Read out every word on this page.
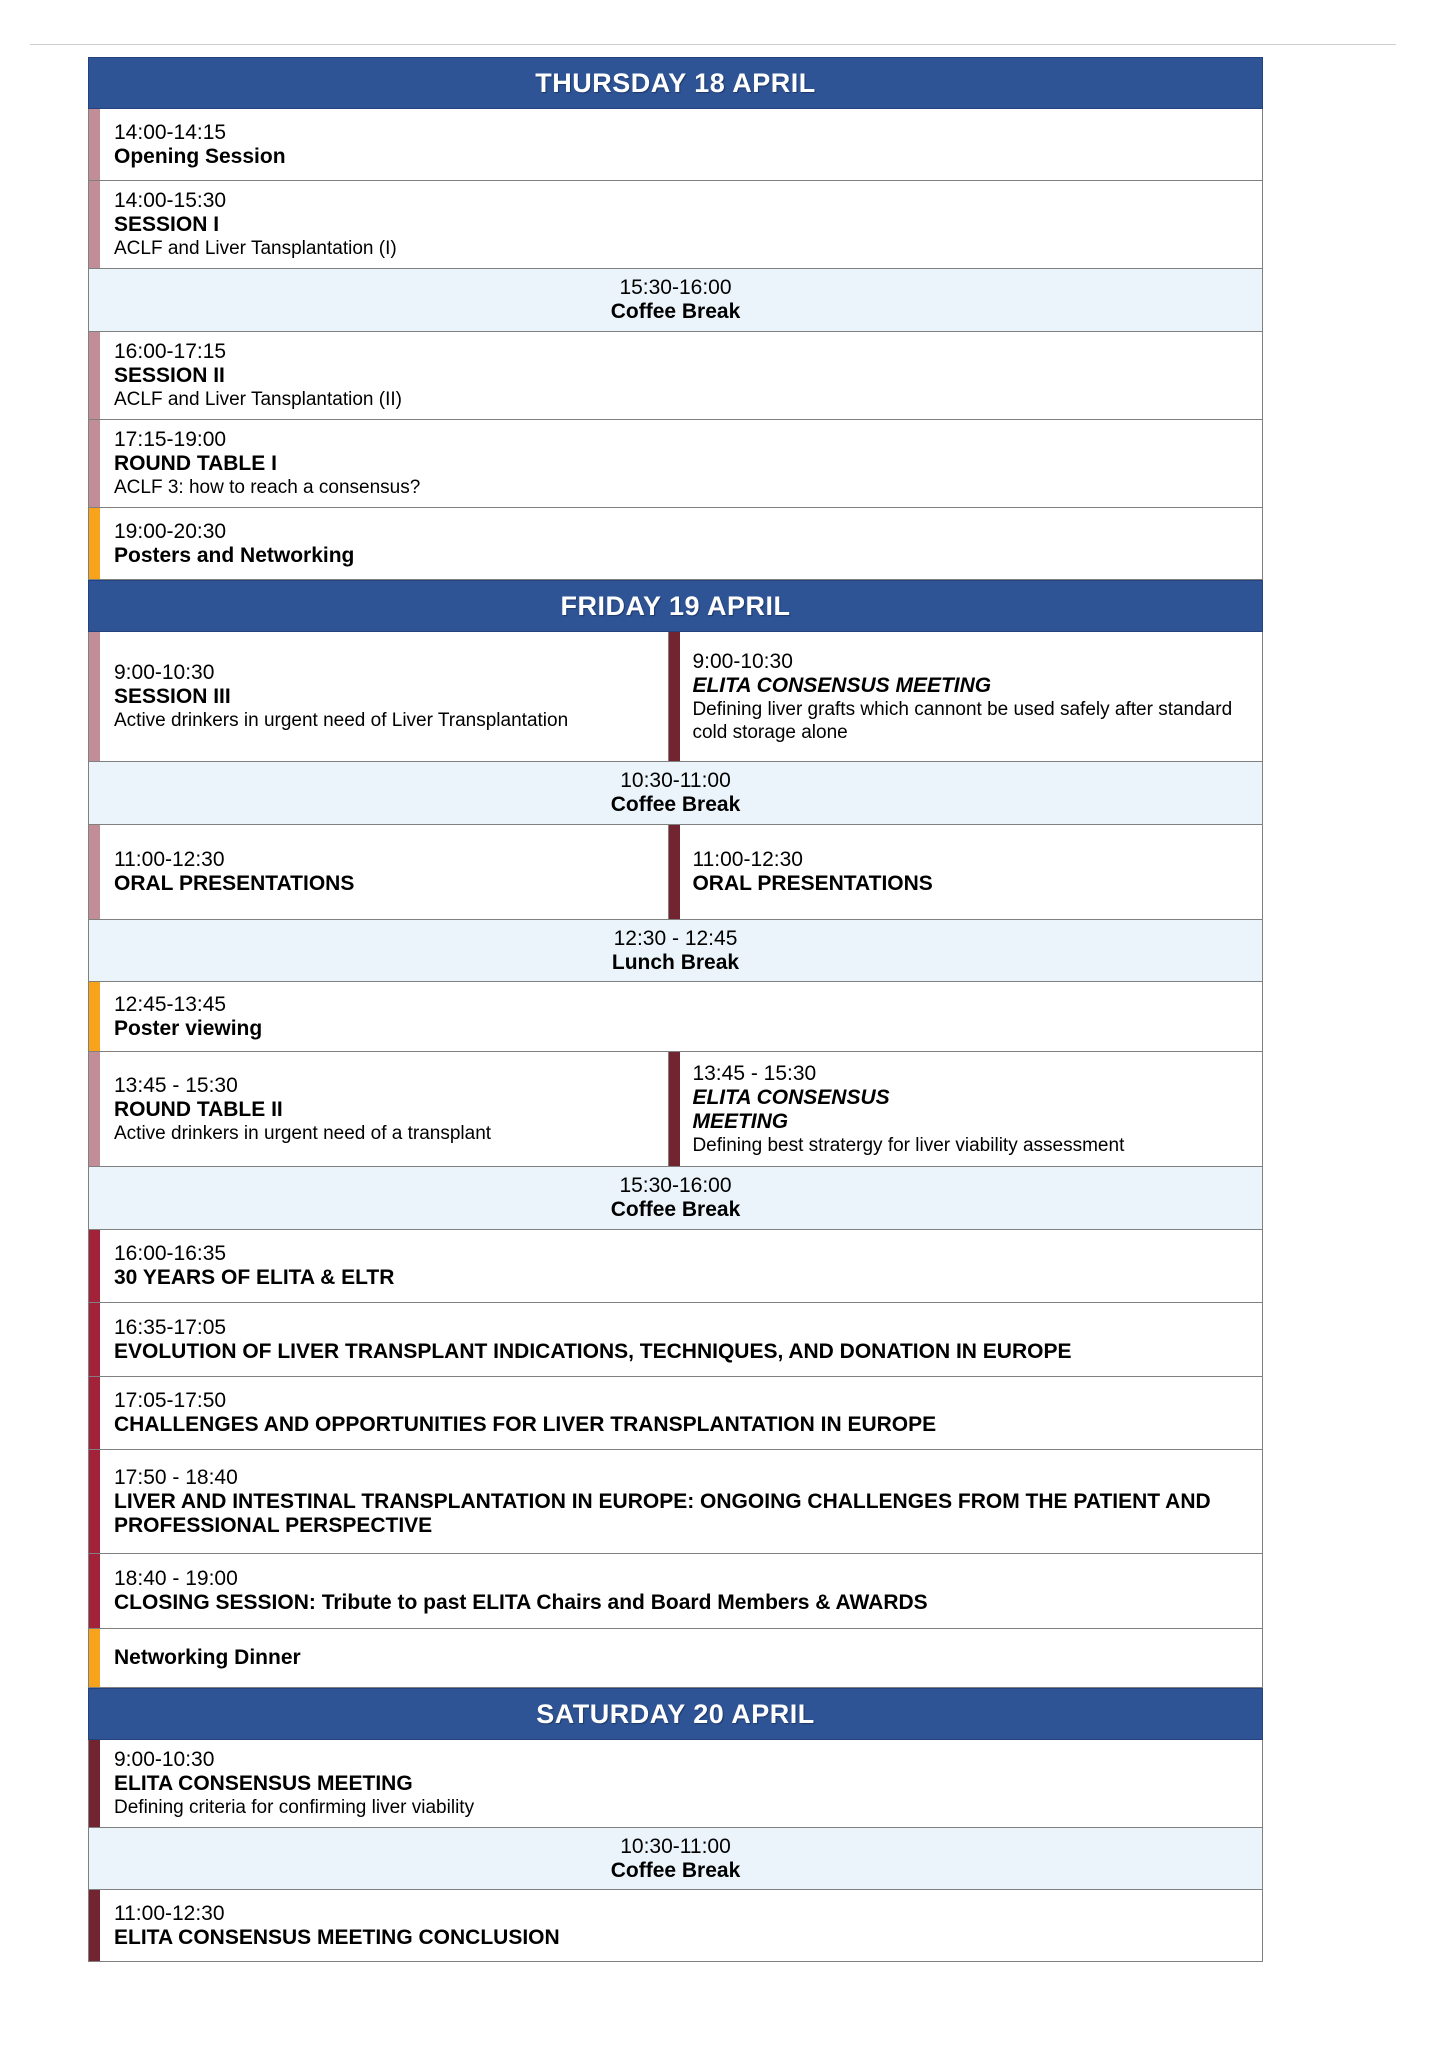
THURSDAY 18 APRIL
14:00-14:15
Opening Session
14:00-15:30
SESSION I
ACLF and Liver Tansplantation (I)
15:30-16:00
Coffee Break
16:00-17:15
SESSION II
ACLF and Liver Tansplantation (II)
17:15-19:00
ROUND TABLE I
ACLF 3: how to reach a consensus?
19:00-20:30
Posters and Networking
FRIDAY 19 APRIL
9:00-10:30
SESSION III
Active drinkers in urgent need of Liver Transplantation
9:00-10:30
ELITA CONSENSUS MEETING
Defining liver grafts which cannont be used safely after standard cold storage alone
10:30-11:00
Coffee Break
11:00-12:30
ORAL PRESENTATIONS
11:00-12:30
ORAL PRESENTATIONS
12:30 - 12:45
Lunch Break
12:45-13:45
Poster viewing
13:45 - 15:30
ROUND TABLE II
Active drinkers in urgent need of a transplant
13:45 - 15:30
ELITA CONSENSUS
MEETING
Defining best stratergy for liver viability assessment
15:30-16:00
Coffee Break
16:00-16:35
30 YEARS OF ELITA & ELTR
16:35-17:05
EVOLUTION OF LIVER TRANSPLANT INDICATIONS, TECHNIQUES, AND DONATION IN EUROPE
17:05-17:50
CHALLENGES AND OPPORTUNITIES FOR LIVER TRANSPLANTATION IN EUROPE
17:50 - 18:40
LIVER AND INTESTINAL TRANSPLANTATION IN EUROPE: ONGOING CHALLENGES FROM THE PATIENT AND PROFESSIONAL PERSPECTIVE
18:40 - 19:00
CLOSING SESSION: Tribute to past ELITA Chairs and Board Members & AWARDS
Networking Dinner
SATURDAY 20 APRIL
9:00-10:30
ELITA CONSENSUS MEETING
Defining criteria for confirming liver viability
10:30-11:00
Coffee Break
11:00-12:30
ELITA CONSENSUS MEETING CONCLUSION
